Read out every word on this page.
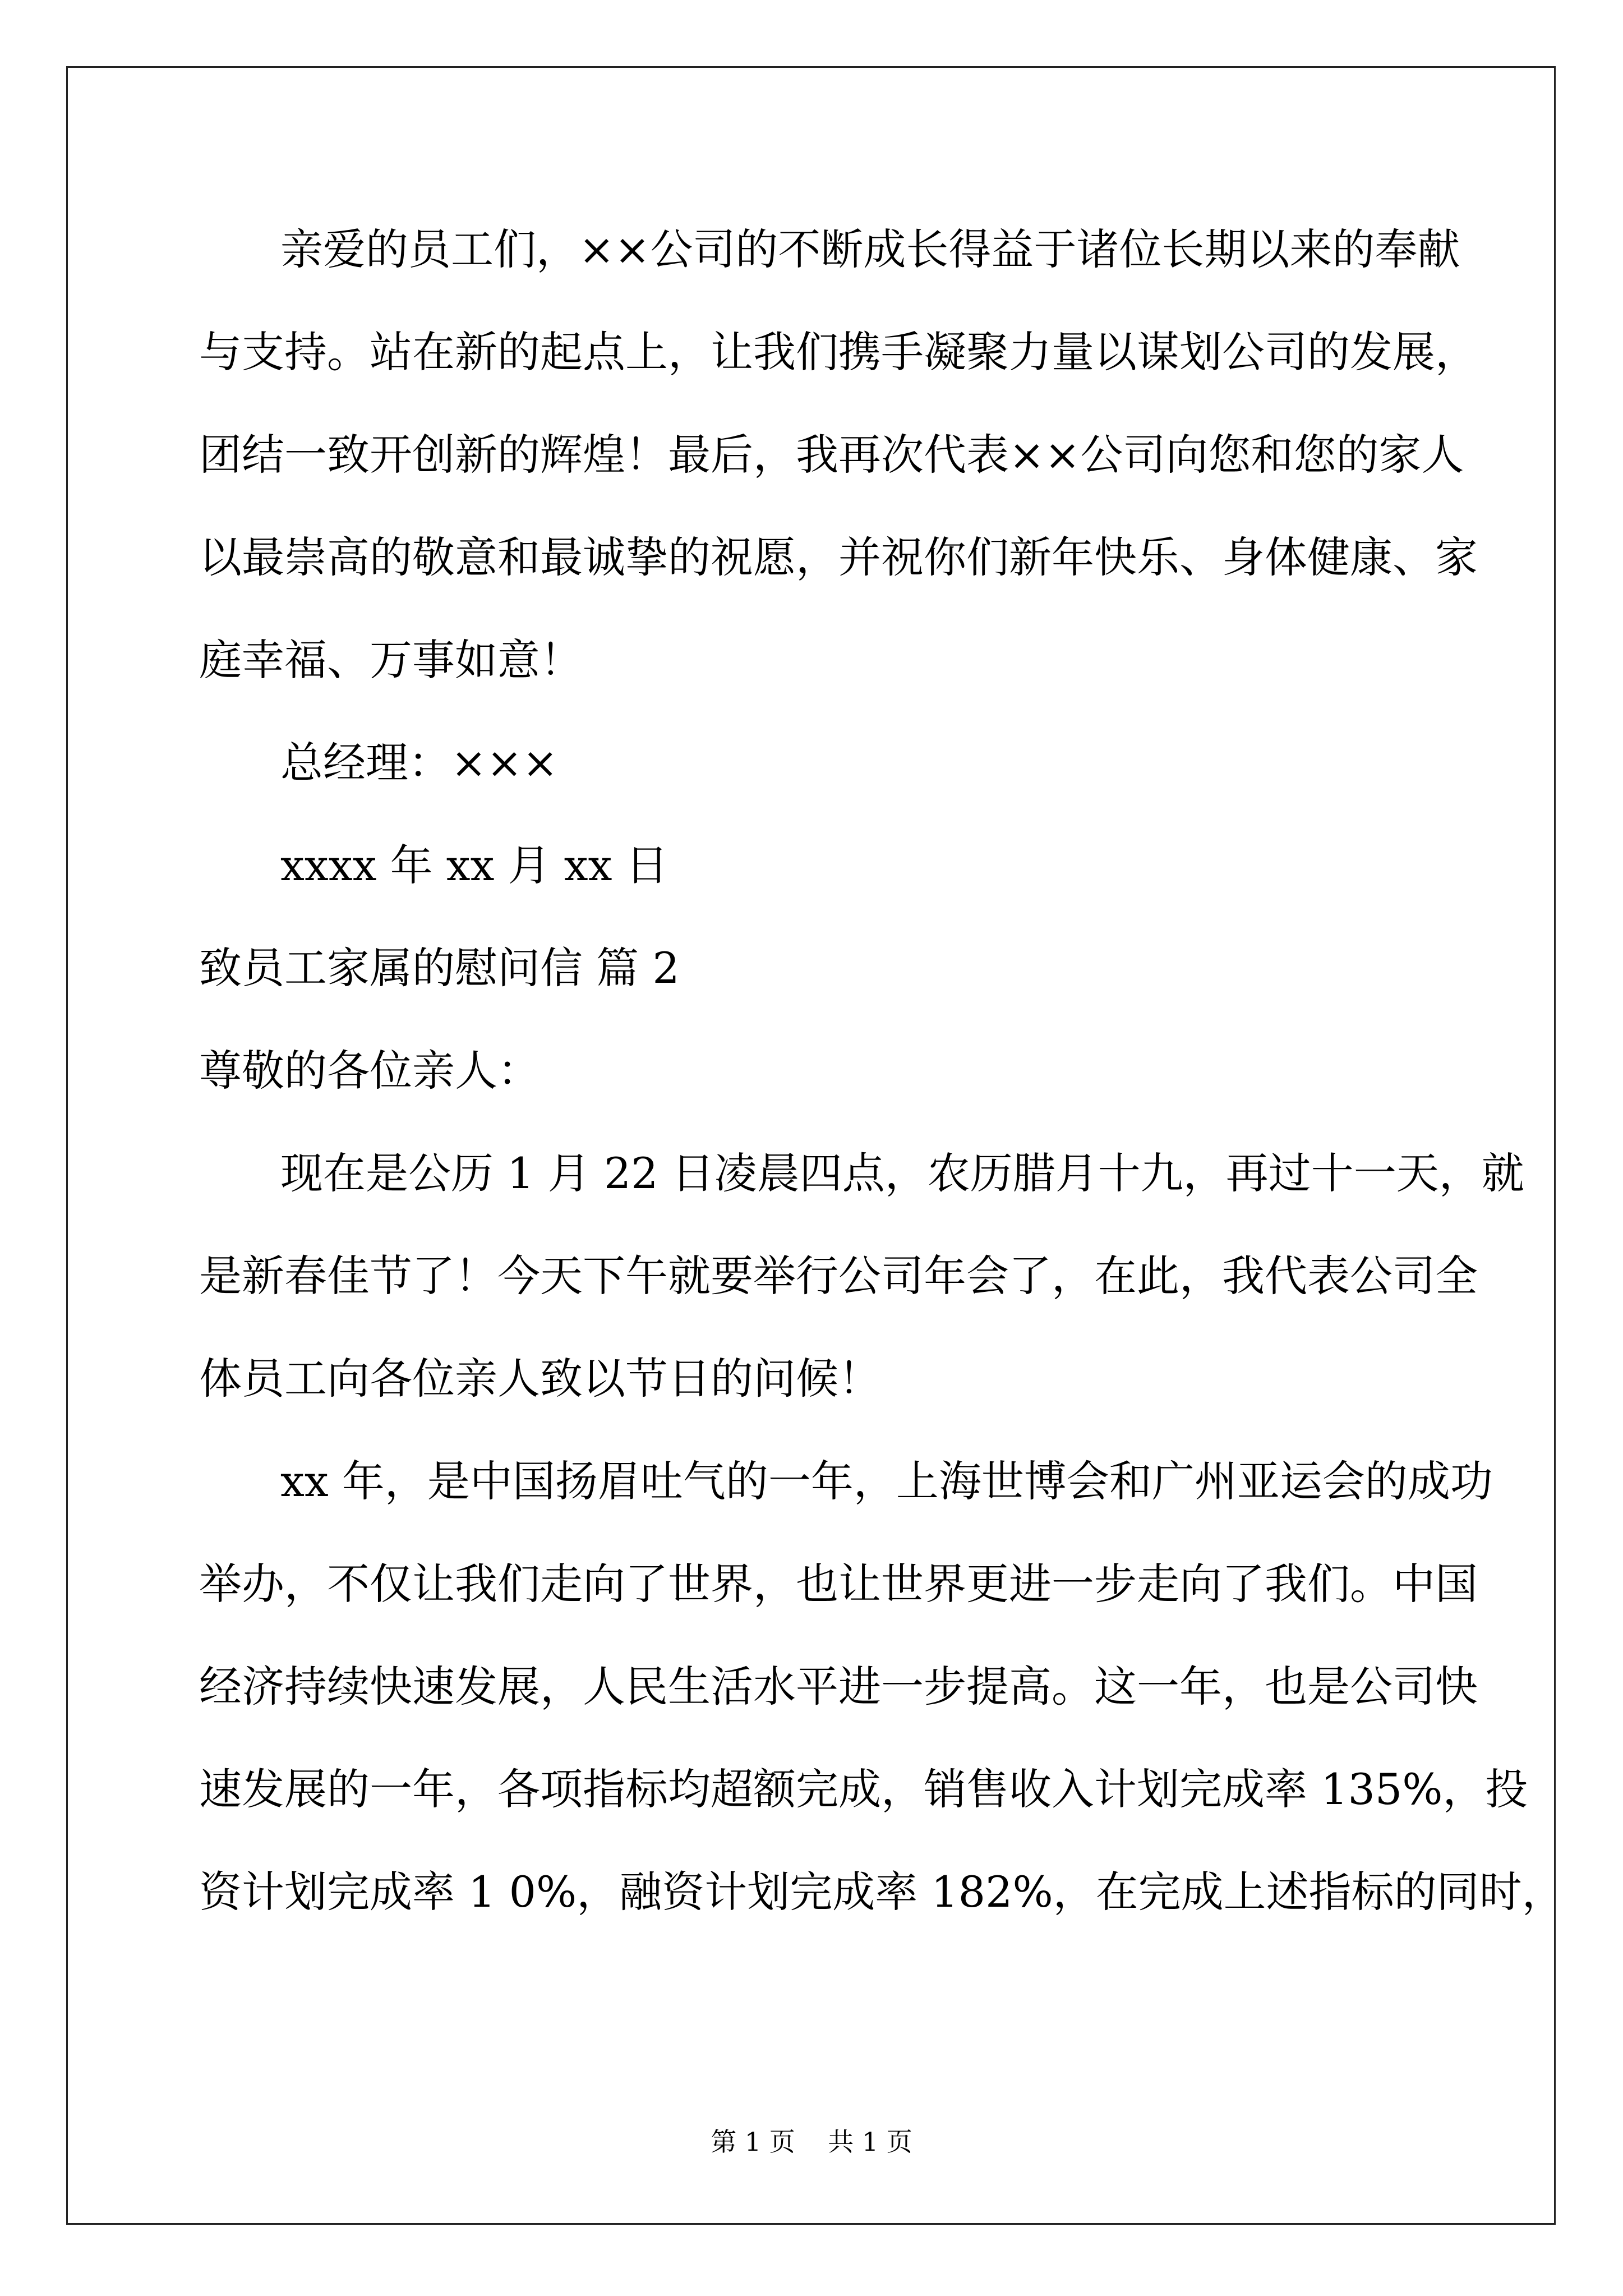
亲爱的员工们，××公司的不断成长得益于诸位长期以来的奉献
与支持。站在新的起点上，让我们携手凝聚力量以谋划公司的发展，
团结一致开创新的辉煌！最后，我再次代表××公司向您和您的家人
以最崇高的敬意和最诚挚的祝愿，并祝你们新年快乐、身体健康、家
庭幸福、万事如意！
总经理：×××
xxxx 年 xx 月 xx 日
致员工家属的慰问信 篇 2
尊敬的各位亲人：
现在是公历 1 月 22 日凌晨四点，农历腊月十九，再过十一天，就
是新春佳节了！今天下午就要举行公司年会了，在此，我代表公司全
体员工向各位亲人致以节日的问候！
xx 年，是中国扬眉吐气的一年，上海世博会和广州亚运会的成功
举办，不仅让我们走向了世界，也让世界更进一步走向了我们。中国
经济持续快速发展，人民生活水平进一步提高。这一年，也是公司快
速发展的一年，各项指标均超额完成，销售收入计划完成率 135%，投
资计划完成率 1 0%，融资计划完成率 182%，在完成上述指标的同时，
第 1 页    共 1 页
